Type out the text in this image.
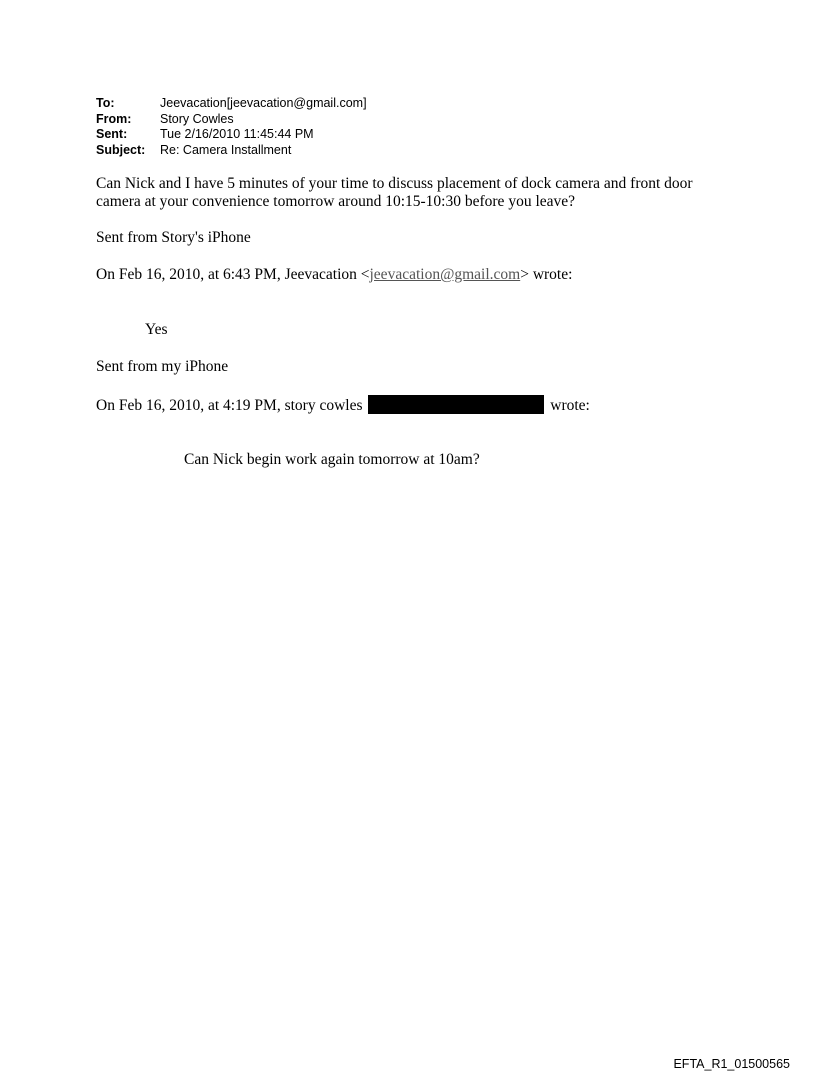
To:	Jeevacation[jeevacation@gmail.com]
From:	Story Cowles
Sent:	Tue 2/16/2010 11:45:44 PM
Subject:	Re: Camera Installment
Can Nick and I have 5 minutes of your time to discuss placement of dock camera and front door
camera at your convenience tomorrow around 10:15-10:30 before you leave?
Sent from Story's iPhone
On Feb 16, 2010, at 6:43 PM, Jeevacation <jeevacation@gmail.com> wrote:
Yes
Sent from my iPhone
On Feb 16, 2010, at 4:19 PM, story cowles	wrote:
Can Nick begin work again tomorrow at 10am?
EFTA_R1_01500565
